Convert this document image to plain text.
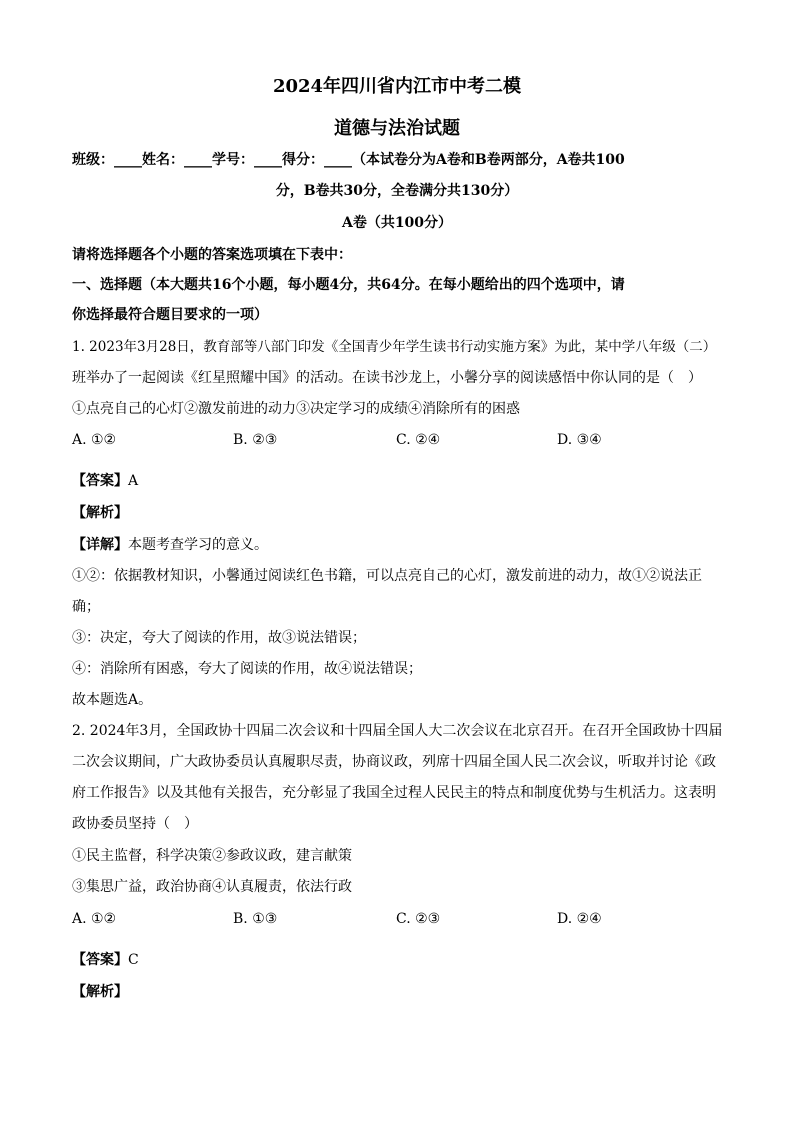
2024年四川省内江市中考二模
道德与法治试题
班级：____姓名：____学号：____得分：____（本试卷分为A卷和B卷两部分，A卷共100
分，B卷共30分，全卷满分共130分）
A卷（共100分）
请将选择题各个小题的答案选项填在下表中：
一、选择题（本大题共16个小题，每小题4分，共64分。在每小题给出的四个选项中，请
你选择最符合题目要求的一项）
1. 2023年3月28日，教育部等八部门印发《全国青少年学生读书行动实施方案》为此，某中学八年级（二）
班举办了一起阅读《红星照耀中国》的活动。在读书沙龙上，小馨分享的阅读感悟中你认同的是（　）
①点亮自己的心灯②激发前进的动力③决定学习的成绩④消除所有的困惑
A. ①②	B. ②③	C. ②④	D. ③④
【答案】A
【解析】
【详解】本题考查学习的意义。
①②：依据教材知识，小馨通过阅读红色书籍，可以点亮自己的心灯，激发前进的动力，故①②说法正
确；
③：决定，夸大了阅读的作用，故③说法错误；
④：消除所有困惑，夸大了阅读的作用，故④说法错误；
故本题选A。
2. 2024年3月，全国政协十四届二次会议和十四届全国人大二次会议在北京召开。在召开全国政协十四届
二次会议期间，广大政协委员认真履职尽责，协商议政，列席十四届全国人民二次会议，听取并讨论《政
府工作报告》以及其他有关报告，充分彰显了我国全过程人民民主的特点和制度优势与生机活力。这表明
政协委员坚持（　）
①民主监督，科学决策②参政议政，建言献策
③集思广益，政治协商④认真履责，依法行政
A. ①②	B. ①③	C. ②③	D. ②④
【答案】C
【解析】
